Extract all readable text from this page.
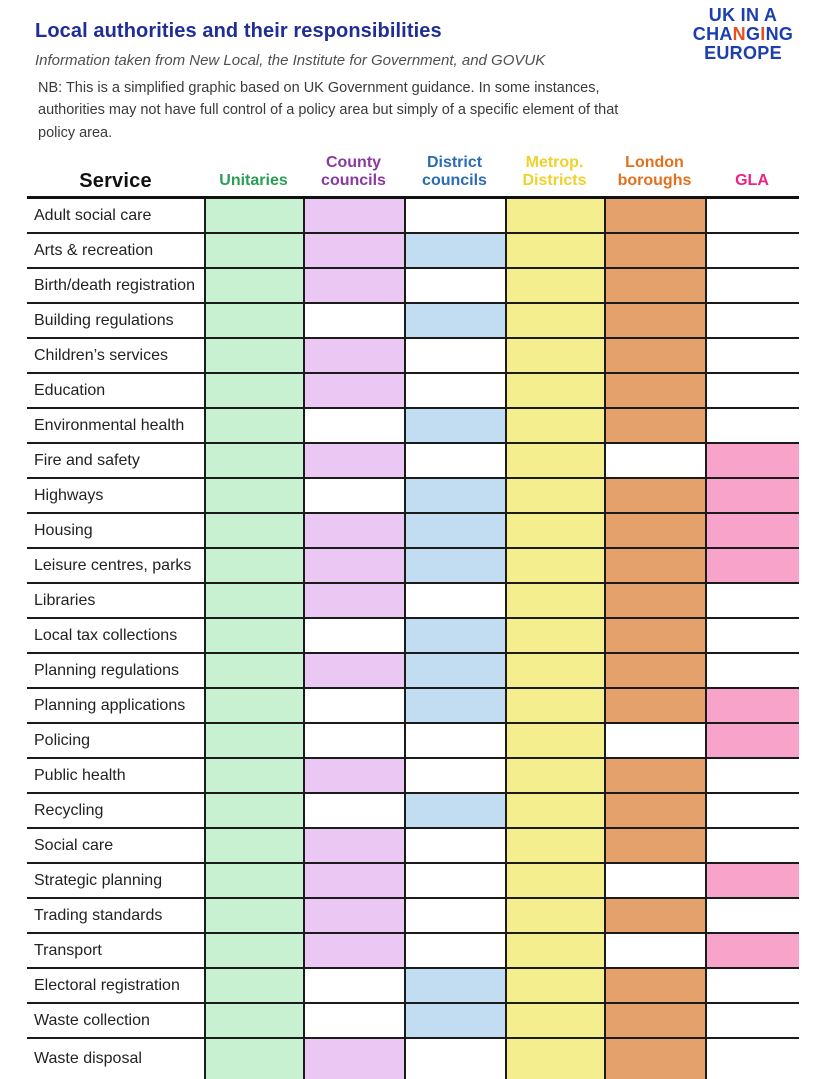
Local authorities and their responsibilities
Information taken from New Local, the Institute for Government, and GOVUK
NB: This is a simplified graphic based on UK Government guidance. In some instances, authorities may not have full control of a policy area but simply of a specific element of that policy area.
UK IN A
CHANGING
EUROPE
Service	Unitaries
County councils
District councils
Metrop. Districts
London boroughs	GLA
Adult social care
Arts & recreation
Birth/death registration
Building regulations
Children’s services
Education
Environmental health
Fire and safety
Highways
Housing
Leisure centres, parks
Libraries
Local tax collections
Planning regulations
Planning applications
Policing
Public health
Recycling
Social care
Strategic planning
Trading standards
Transport
Electoral registration
Waste collection
Waste disposal
